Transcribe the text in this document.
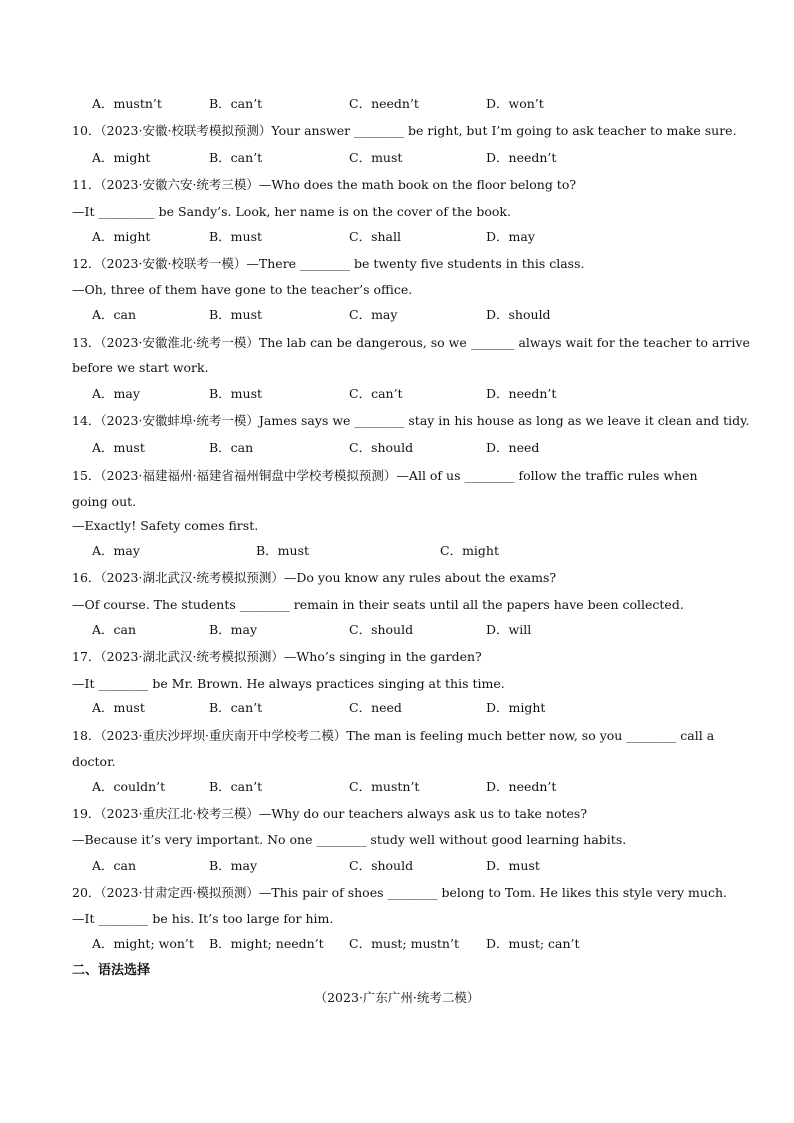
A．mustn’t	B．can’t	C．needn’t	D．won’t
10．（2023·安徽·校联考模拟预测）Your answer ________ be right, but I’m going to ask teacher to make sure.
A．might	B．can’t	C．must	D．needn’t
11．（2023·安徽六安·统考三模）—Who does the math book on the floor belong to?
—It _________ be Sandy’s. Look, her name is on the cover of the book.
A．might	B．must	C．shall	D．may
12．（2023·安徽·校联考一模）—There ________ be twenty five students in this class.
—Oh, three of them have gone to the teacher’s office.
A．can	B．must	C．may	D．should
13．（2023·安徽淮北·统考一模）The lab can be dangerous, so we _______ always wait for the teacher to arrive
before we start work.
A．may	B．must	C．can’t	D．needn’t
14．（2023·安徽蚌埠·统考一模）James says we ________ stay in his house as long as we leave it clean and tidy.
A．must	B．can	C．should	D．need
15．（2023·福建福州·福建省福州铜盘中学校考模拟预测）—All of us ________ follow the traffic rules when
going out.
—Exactly! Safety comes first.
A．may	B．must	C．might
16．（2023·湖北武汉·统考模拟预测）—Do you know any rules about the exams?
—Of course. The students ________ remain in their seats until all the papers have been collected.
A．can	B．may	C．should	D．will
17．（2023·湖北武汉·统考模拟预测）—Who’s singing in the garden?
—It ________ be Mr. Brown. He always practices singing at this time.
A．must	B．can’t	C．need	D．might
18．（2023·重庆沙坪坝·重庆南开中学校考二模）The man is feeling much better now, so you ________ call a
doctor.
A．couldn’t	B．can’t	C．mustn’t	D．needn’t
19．（2023·重庆江北·校考三模）—Why do our teachers always ask us to take notes?
—Because it’s very important. No one ________ study well without good learning habits.
A．can	B．may	C．should	D．must
20．（2023·甘肃定西·模拟预测）—This pair of shoes ________ belong to Tom. He likes this style very much.
—It ________ be his. It’s too large for him.
A．might; won’t B．might; needn’t C．must; mustn’t D．must; can’t
二、语法选择
（2023·广东广州·统考二模）
